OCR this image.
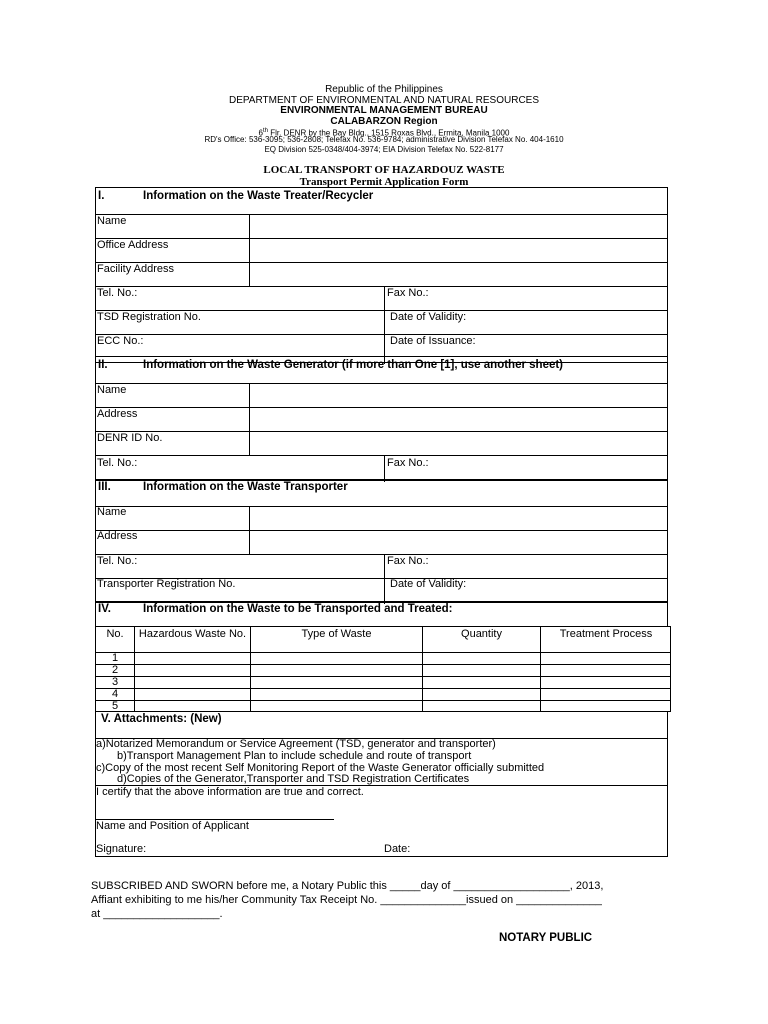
Republic of the Philippines
DEPARTMENT OF ENVIRONMENTAL AND NATURAL RESOURCES
ENVIRONMENTAL MANAGEMENT BUREAU
CALABARZON Region
6th Flr. DENR by the Bay Bldg., 1515 Roxas Blvd., Ermita, Manila 1000
RD's Office: 536-3095; 536-2808; Telefax No. 536-9784; administrative Division Telefax No. 404-1610
EQ Division 525-0348/404-3974; EIA Division Telefax No. 522-8177
LOCAL TRANSPORT OF HAZARDOUZ WASTE
Transport Permit Application Form
I.	Information on the Waste Treater/Recycler
Name
Office Address
Facility Address
Tel. No.:	Fax No.:
TSD Registration No.	Date of Validity:
ECC No.:	Date of Issuance:
II.	Information on the Waste Generator (if more than One [1], use another sheet)
Name
Address
DENR ID No.
Tel. No.:	Fax No.:
III.	Information on the Waste Transporter
Name
Address
Tel. No.:	Fax No.:
Transporter Registration No.	Date of Validity:
IV.	Information on the Waste to be Transported and Treated:
No.	Hazardous Waste No.	Type of Waste	Quantity	Treatment Process
1
2
3
4
5
V. Attachments: (New)
a)Notarized Memorandum or Service Agreement (TSD, generator and transporter)
b)Transport Management Plan to include schedule and route of transport
c)Copy of the most recent Self Monitoring Report of the Waste Generator officially submitted
d)Copies of the Generator,Transporter and TSD Registration Certificates
I certify that the above information are true and correct.
Name and Position of Applicant
Signature:	Date:
SUBSCRIBED AND SWORN before me, a Notary Public this _____day of ___________________, 2013,
Affiant exhibiting to me his/her Community Tax Receipt No. ______________issued on ______________
at ___________________.
NOTARY PUBLIC
